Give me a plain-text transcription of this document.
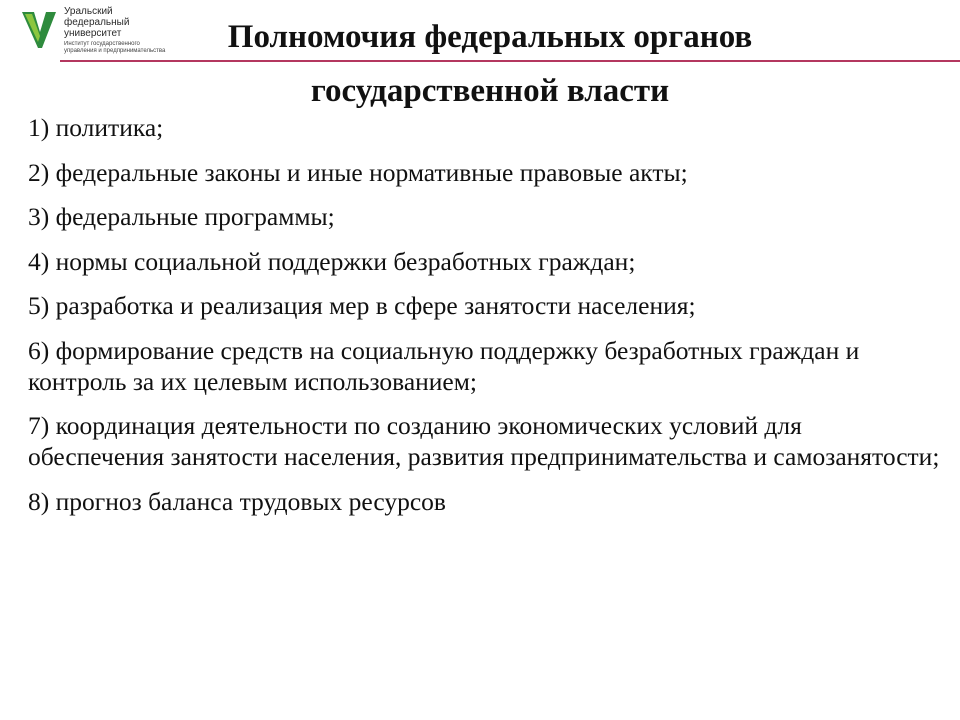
Уральский
федеральный
университет
Институт государственного
управления и предпринимательства	Полномочия федеральных органов государственной власти
1) политика;
2) федеральные законы и иные нормативные правовые акты;
3) федеральные программы;
4) нормы социальной поддержки безработных граждан;
5) разработка и реализация мер в сфере занятости населения;
6) формирование средств на социальную поддержку безработных граждан и контроль за их целевым использованием;
7) координация деятельности по созданию экономических условий для обеспечения занятости населения, развития предпринимательства и самозанятости;
8) прогноз баланса трудовых ресурсов
